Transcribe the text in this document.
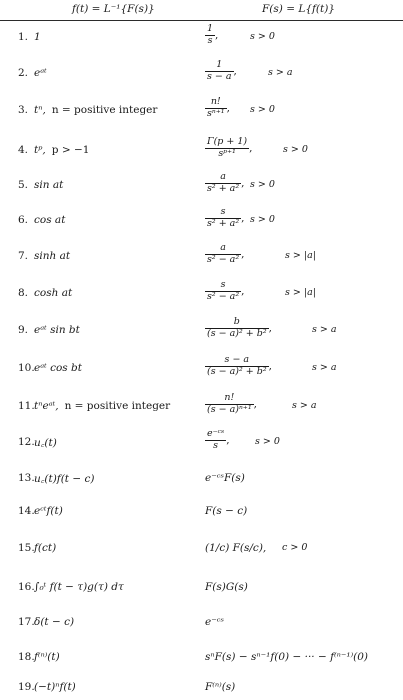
f(t) = L⁻¹{F(s)}	F(s) = L{f(t)}
1. 1	$\frac{1}{s}$ ,	s > 0
2. eᵃᵗ	$\frac{1}{s - a}$ ,	s > a
3. tⁿ, n = positive integer	$\frac{n!}{\text{sⁿ⁺¹}}$ , s > 0
4. tᵖ, p > −1	$\frac{\Gamma(p + 1)}{\text{sᵖ⁺¹}}$ ,	s > 0
5. sin at	$\frac{a}{\text{s² + a²}}$ , s > 0
6. cos at	$\frac{s}{\text{s² + a²}}$ , s > 0
7. sinh at	$\frac{a}{\text{s² − a²}}$ ,	s > |a|
8. cosh at	$\frac{s}{\text{s² − a²}}$ ,	s > |a|
9. eᵃᵗ sin bt	$\frac{b}{\text{(s − a)² + b²}}$ ,	s > a
10. eᵃᵗ cos bt	$\frac{s - a}{\text{(s − a)² + b²}}$ ,	s > a
11. tⁿeᵃᵗ, n = positive integer	$\frac{n!}{\text{(s − a)ⁿ⁺¹}}$ ,	s > a
12. u꜀(t)	$\frac{\text{e⁻ᶜˢ}}{s}$ ,	s > 0
13. u꜀(t)f(t − c)	e⁻ᶜˢF(s)
14. eᶜᵗf(t)	F(s − c)
15. f(ct)	(1/c) F(s/c), c > 0
16. ∫₀ᵗ f(t − τ)g(τ) dτ	F(s)G(s)
17. δ(t − c)	e⁻ᶜˢ
18. f⁽ⁿ⁾(t)	sⁿF(s) − sⁿ⁻¹f(0) − ··· − f⁽ⁿ⁻¹⁾(0)
19. (−t)ⁿf(t)	F⁽ⁿ⁾(s)
